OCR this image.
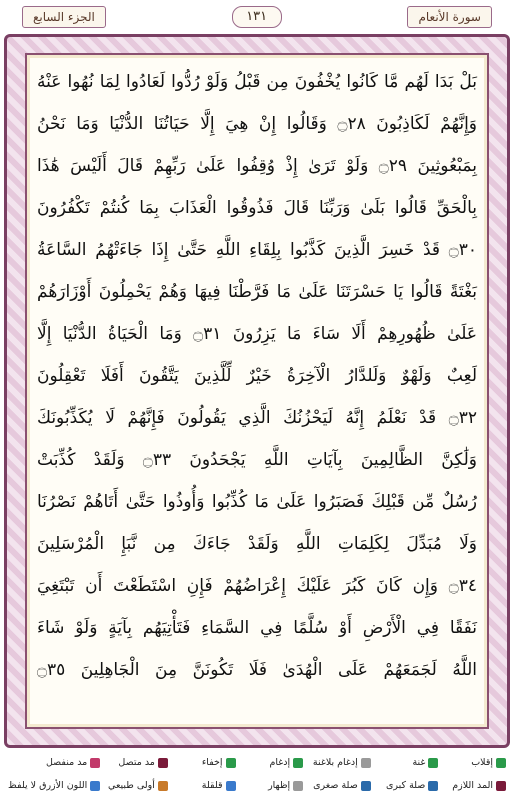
الجزء السابع	١٣١	سورة الأنعام
بَلْ بَدَا لَهُم مَّا كَانُوا يُخْفُونَ مِن قَبْلُ وَلَوْ رُدُّوا لَعَادُوا لِمَا نُهُوا عَنْهُ
وَإِنَّهُمْ لَكَاذِبُونَ ۝٢٨ وَقَالُوا إِنْ هِيَ إِلَّا حَيَاتُنَا الدُّنْيَا وَمَا نَحْنُ
بِمَبْعُوثِينَ ۝٢٩ وَلَوْ تَرَىٰ إِذْ وُقِفُوا عَلَىٰ رَبِّهِمْ قَالَ أَلَيْسَ هَٰذَا
بِالْحَقِّ قَالُوا بَلَىٰ وَرَبِّنَا قَالَ فَذُوقُوا الْعَذَابَ بِمَا كُنتُمْ تَكْفُرُونَ
۝٣٠ قَدْ خَسِرَ الَّذِينَ كَذَّبُوا بِلِقَاءِ اللَّهِ حَتَّىٰ إِذَا جَاءَتْهُمُ السَّاعَةُ
بَغْتَةً قَالُوا يَا حَسْرَتَنَا عَلَىٰ مَا فَرَّطْنَا فِيهَا وَهُمْ يَحْمِلُونَ أَوْزَارَهُمْ
عَلَىٰ ظُهُورِهِمْ أَلَا سَاءَ مَا يَزِرُونَ ۝٣١ وَمَا الْحَيَاةُ الدُّنْيَا إِلَّا
لَعِبٌ وَلَهْوٌ وَلَلدَّارُ الْآخِرَةُ خَيْرٌ لِّلَّذِينَ يَتَّقُونَ أَفَلَا تَعْقِلُونَ
۝٣٢ قَدْ نَعْلَمُ إِنَّهُ لَيَحْزُنُكَ الَّذِي يَقُولُونَ فَإِنَّهُمْ لَا يُكَذِّبُونَكَ
وَلَٰكِنَّ الظَّالِمِينَ بِآيَاتِ اللَّهِ يَجْحَدُونَ ۝٣٣ وَلَقَدْ كُذِّبَتْ
رُسُلٌ مِّن قَبْلِكَ فَصَبَرُوا عَلَىٰ مَا كُذِّبُوا وَأُوذُوا حَتَّىٰ أَتَاهُمْ نَصْرُنَا
وَلَا مُبَدِّلَ لِكَلِمَاتِ اللَّهِ وَلَقَدْ جَاءَكَ مِن نَّبَإِ الْمُرْسَلِينَ
۝٣٤ وَإِن كَانَ كَبُرَ عَلَيْكَ إِعْرَاضُهُمْ فَإِنِ اسْتَطَعْتَ أَن تَبْتَغِيَ
نَفَقًا فِي الْأَرْضِ أَوْ سُلَّمًا فِي السَّمَاءِ فَتَأْتِيَهُم بِآيَةٍ وَلَوْ شَاءَ
اللَّهُ لَجَمَعَهُمْ عَلَى الْهُدَىٰ فَلَا تَكُونَنَّ مِنَ الْجَاهِلِينَ ۝٣٥
إقلاب
غنة
إدغام بلاغنة
إدغام
إخفاء
مد متصل
مد منفصل
المد اللازم
صلة كبرى
صلة صغرى
إظهار
قلقلة
أولى طبيعي
اللون الأزرق لا يلفظ
